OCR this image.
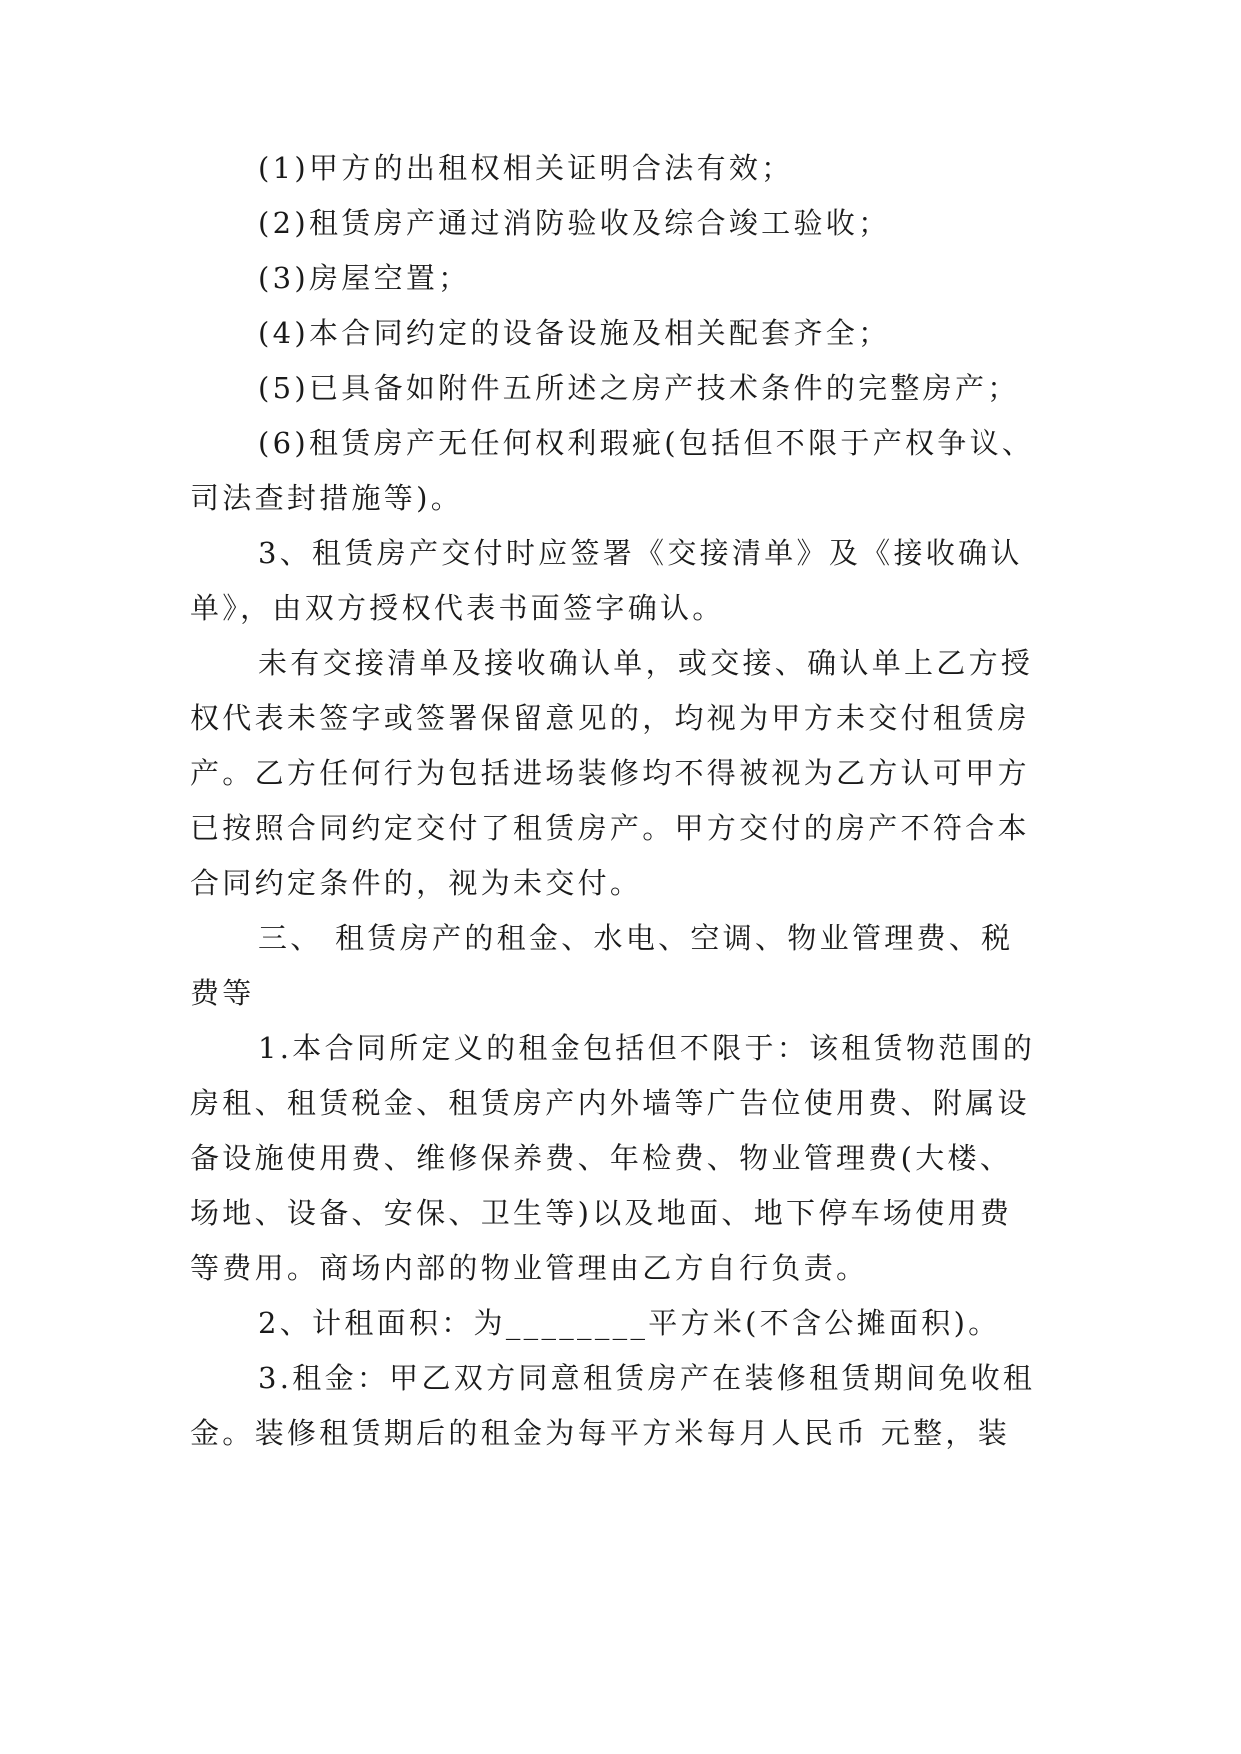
(1)甲方的出租权相关证明合法有效；

(2)租赁房产通过消防验收及综合竣工验收；

(3)房屋空置；

(4)本合同约定的设备设施及相关配套齐全；

(5)已具备如附件五所述之房产技术条件的完整房产；

(6)租赁房产无任何权利瑕疵(包括但不限于产权争议、

司法查封措施等)。

3、租赁房产交付时应签署《交接清单》及《接收确认

单》，由双方授权代表书面签字确认。

未有交接清单及接收确认单，或交接、确认单上乙方授

权代表未签字或签署保留意见的，均视为甲方未交付租赁房

产。乙方任何行为包括进场装修均不得被视为乙方认可甲方

已按照合同约定交付了租赁房产。甲方交付的房产不符合本

合同约定条件的，视为未交付。

三、 租赁房产的租金、水电、空调、物业管理费、税

费等

1.本合同所定义的租金包括但不限于：该租赁物范围的

房租、租赁税金、租赁房产内外墙等广告位使用费、附属设

备设施使用费、维修保养费、年检费、物业管理费(大楼、

场地、设备、安保、卫生等)以及地面、地下停车场使用费

等费用。商场内部的物业管理由乙方自行负责。

2、计租面积：为________平方米(不含公摊面积)。

3.租金：甲乙双方同意租赁房产在装修租赁期间免收租

金。装修租赁期后的租金为每平方米每月人民币 元整，装
